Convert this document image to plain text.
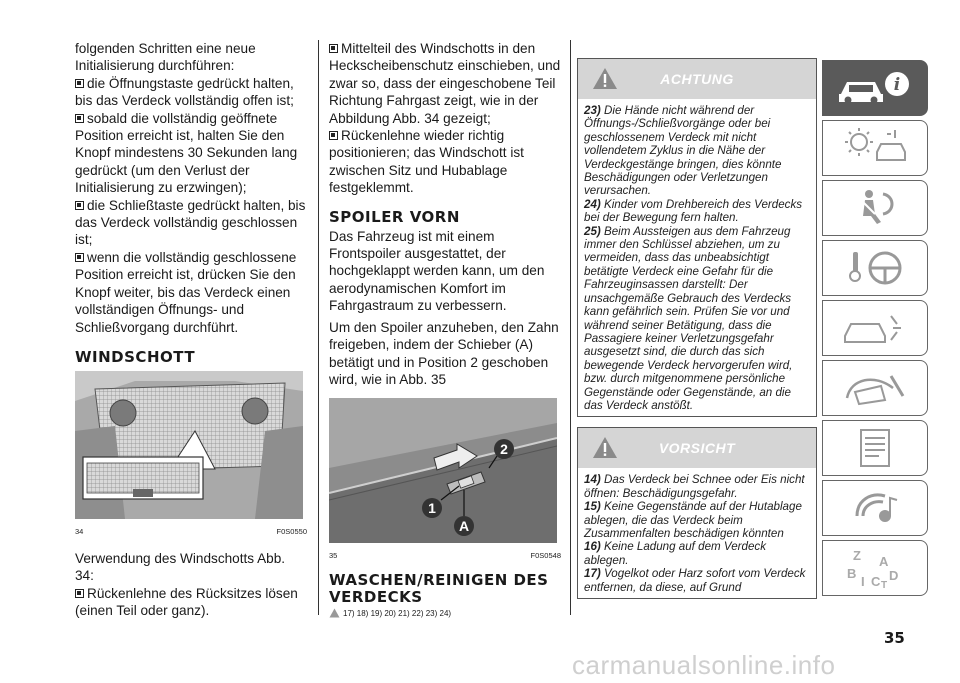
folgenden Schritten eine neue Initialisierung durchführen:
die Öffnungstaste gedrückt halten, bis das Verdeck vollständig offen ist;
sobald die vollständig geöffnete Position erreicht ist, halten Sie den Knopf mindestens 30 Sekunden lang gedrückt (um den Verlust der Initialisierung zu erzwingen);
die Schließtaste gedrückt halten, bis das Verdeck vollständig geschlossen ist;
wenn die vollständig geschlossene Position erreicht ist, drücken Sie den Knopf weiter, bis das Verdeck einen vollständigen Öffnungs- und Schließvorgang durchführt.
WINDSCHOTT
34	F0S0550
Verwendung des Windschotts Abb. 34:
Rückenlehne des Rücksitzes lösen (einen Teil oder ganz).
Mittelteil des Windschotts in den Heckscheibenschutz einschieben, und zwar so, dass der eingeschobene Teil Richtung Fahrgast zeigt, wie in der Abbildung Abb. 34 gezeigt;
Rückenlehne wieder richtig positionieren; das Windschott ist zwischen Sitz und Hubablage festgeklemmt.
SPOILER VORN
Das Fahrzeug ist mit einem Frontspoiler ausgestattet, der hochgeklappt werden kann, um den aerodynamischen Komfort im Fahrgastraum zu verbessern.
Um den Spoiler anzuheben, den Zahn freigeben, indem der Schieber (A) betätigt und in Position 2 geschoben wird, wie in Abb. 35
2
1
A
35	F0S0548
WASCHEN/REINIGEN DES VERDECKS
17) 18) 19) 20) 21) 22) 23) 24)
ACHTUNG
23) Die Hände nicht während der Öffnungs-/Schließvorgänge oder bei geschlossenem Verdeck mit nicht vollendetem Zyklus in die Nähe der Verdeckgestänge bringen, dies könnte Beschädigungen oder Verletzungen verursachen.
24) Kinder vom Drehbereich des Verdecks bei der Bewegung fern halten.
25) Beim Aussteigen aus dem Fahrzeug immer den Schlüssel abziehen, um zu vermeiden, dass das unbeabsichtigt betätigte Verdeck eine Gefahr für die Fahrzeuginsassen darstellt: Der unsachgemäße Gebrauch des Verdecks kann gefährlich sein. Prüfen Sie vor und während seiner Betätigung, dass die Passagiere keiner Verletzungsgefahr ausgesetzt sind, die durch das sich bewegende Verdeck hervorgerufen wird, bzw. durch mitgenommene persönliche Gegenstände oder Gegenstände, an die das Verdeck anstößt.
VORSICHT
14) Das Verdeck bei Schnee oder Eis nicht öffnen: Beschädigungsgefahr.
15) Keine Gegenstände auf der Hutablage ablegen, die das Verdeck beim Zusammenfalten beschädigen könnten
16) Keine Ladung auf dem Verdeck ablegen.
17) Vogelkot oder Harz sofort vom Verdeck entfernen, da diese, auf Grund
i
Z A
B	D
C
I T
35
carmanualsonline.info
